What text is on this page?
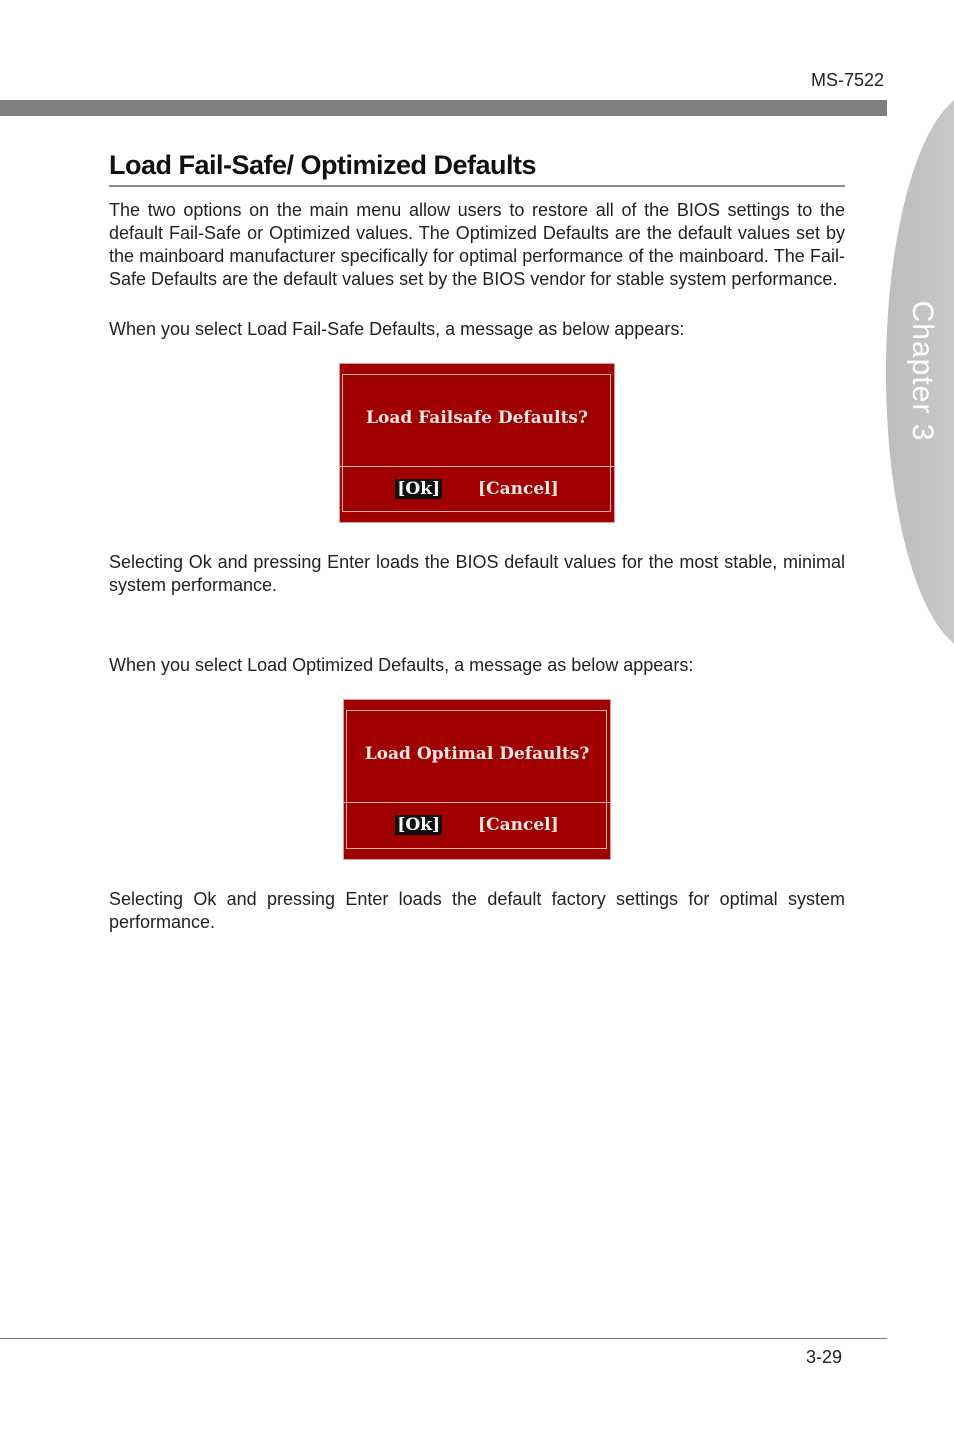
MS-7522
Chapter 3
Load Fail-Safe/ Optimized Defaults

The two options on the main menu allow users to restore all of the BIOS settings to the default Fail-Safe or Optimized values. The Optimized Defaults are the default values set by the mainboard manufacturer specifically for optimal performance of the mainboard. The Fail-Safe Defaults are the default values set by the BIOS vendor for stable system performance.

When you select Load Fail-Safe Defaults, a message as below appears:

Load Failsafe Defaults?
[Ok] [Cancel]

Selecting Ok and pressing Enter loads the BIOS default values for the most stable, minimal system performance.

When you select Load Optimized Defaults, a message as below appears:

Load Optimal Defaults?
[Ok] [Cancel]

Selecting Ok and pressing Enter loads the default factory settings for optimal system performance.

3-29
